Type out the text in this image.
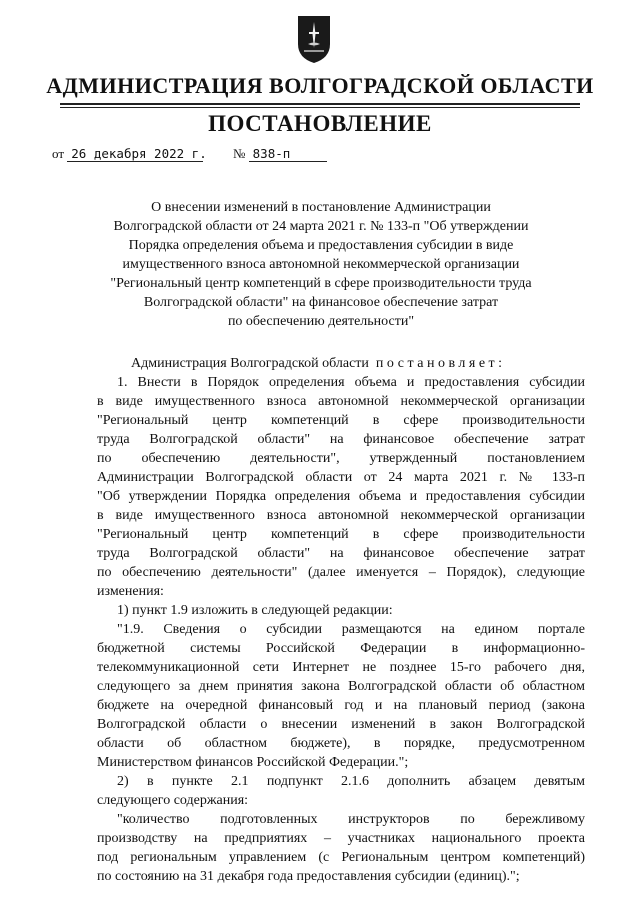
АДМИНИСТРАЦИЯ ВОЛГОГРАДСКОЙ ОБЛАСТИ
ПОСТАНОВЛЕНИЕ
от 26 декабря 2022 г. № 838-п
О внесении изменений в постановление Администрации
Волгоградской области от 24 марта 2021 г. № 133-п "Об утверждении
Порядка определения объема и предоставления субсидии в виде
имущественного взноса автономной некоммерческой организации
"Региональный центр компетенций в сфере производительности труда
Волгоградской области" на финансовое обеспечение затрат
по обеспечению деятельности"
Администрация Волгоградской области постановляет:
1. Внести в Порядок определения объема и предоставления субсидии
в виде имущественного взноса автономной некоммерческой организации
"Региональный центр компетенций в сфере производительности
труда Волгоградской области" на финансовое обеспечение затрат
по обеспечению деятельности", утвержденный постановлением
Администрации Волгоградской области от 24 марта 2021 г. № 133-п
"Об утверждении Порядка определения объема и предоставления субсидии
в виде имущественного взноса автономной некоммерческой организации
"Региональный центр компетенций в сфере производительности
труда Волгоградской области" на финансовое обеспечение затрат
по обеспечению деятельности" (далее именуется – Порядок), следующие
изменения:
1) пункт 1.9 изложить в следующей редакции:
"1.9. Сведения о субсидии размещаются на едином портале
бюджетной системы Российской Федерации в информационно-
телекоммуникационной сети Интернет не позднее 15-го рабочего дня,
следующего за днем принятия закона Волгоградской области об областном
бюджете на очередной финансовый год и на плановый период (закона
Волгоградской области о внесении изменений в закон Волгоградской
области об областном бюджете), в порядке, предусмотренном
Министерством финансов Российской Федерации.";
2) в пункте 2.1 подпункт 2.1.6 дополнить абзацем девятым
следующего содержания:
"количество подготовленных инструкторов по бережливому
производству на предприятиях – участниках национального проекта
под региональным управлением (с Региональным центром компетенций)
по состоянию на 31 декабря года предоставления субсидии (единиц).";
